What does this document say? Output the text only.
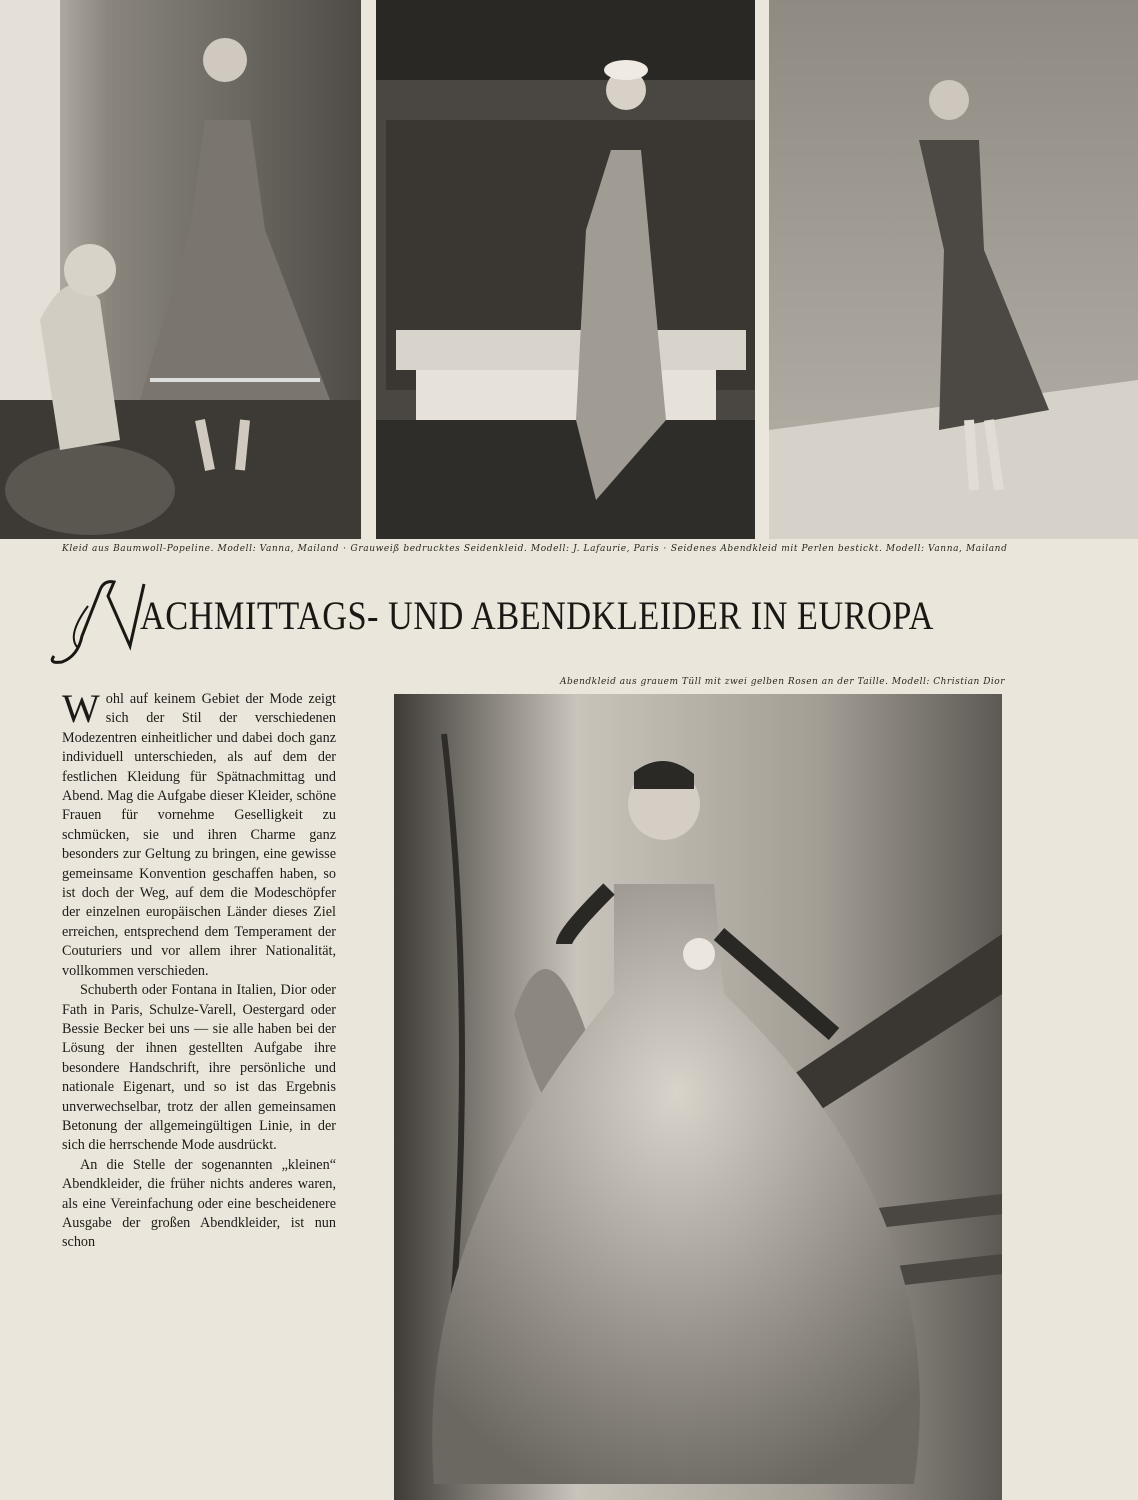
Kleid aus Baumwoll-Popeline. Modell: Vanna, Mailand · Grauweiß bedrucktes Seidenkleid. Modell: J. Lafaurie, Paris · Seidenes Abendkleid mit Perlen bestickt. Modell: Vanna, Mailand
N
ACHMITTAGS- UND ABENDKLEIDER IN EUROPA
Abendkleid aus grauem Tüll mit zwei gelben Rosen an der Taille. Modell: Christian Dior

Wohl auf keinem Gebiet der Mode zeigt sich der Stil der verschiedenen Modezentren einheitlicher und dabei doch ganz individuell unterschieden, als auf dem der festlichen Kleidung für Spätnachmittag und Abend. Mag die Aufgabe dieser Kleider, schöne Frauen für vornehme Geselligkeit zu schmücken, sie und ihren Charme ganz besonders zur Geltung zu bringen, eine gewisse gemeinsame Konvention geschaffen haben, so ist doch der Weg, auf dem die Modeschöpfer der einzelnen europäischen Länder dieses Ziel erreichen, entsprechend dem Temperament der Couturiers und vor allem ihrer Nationalität, vollkommen verschieden.

Schuberth oder Fontana in Italien, Dior oder Fath in Paris, Schulze-Varell, Oestergard oder Bessie Becker bei uns — sie alle haben bei der Lösung der ihnen gestellten Aufgabe ihre besondere Handschrift, ihre persönliche und nationale Eigenart, und so ist das Ergebnis unverwechselbar, trotz der allen gemeinsamen Betonung der allgemeingültigen Linie, in der sich die herrschende Mode ausdrückt.

An die Stelle der sogenannten „kleinen“ Abendkleider, die früher nichts anderes waren, als eine Vereinfachung oder eine bescheidenere Ausgabe der großen Abendkleider, ist nun schon
